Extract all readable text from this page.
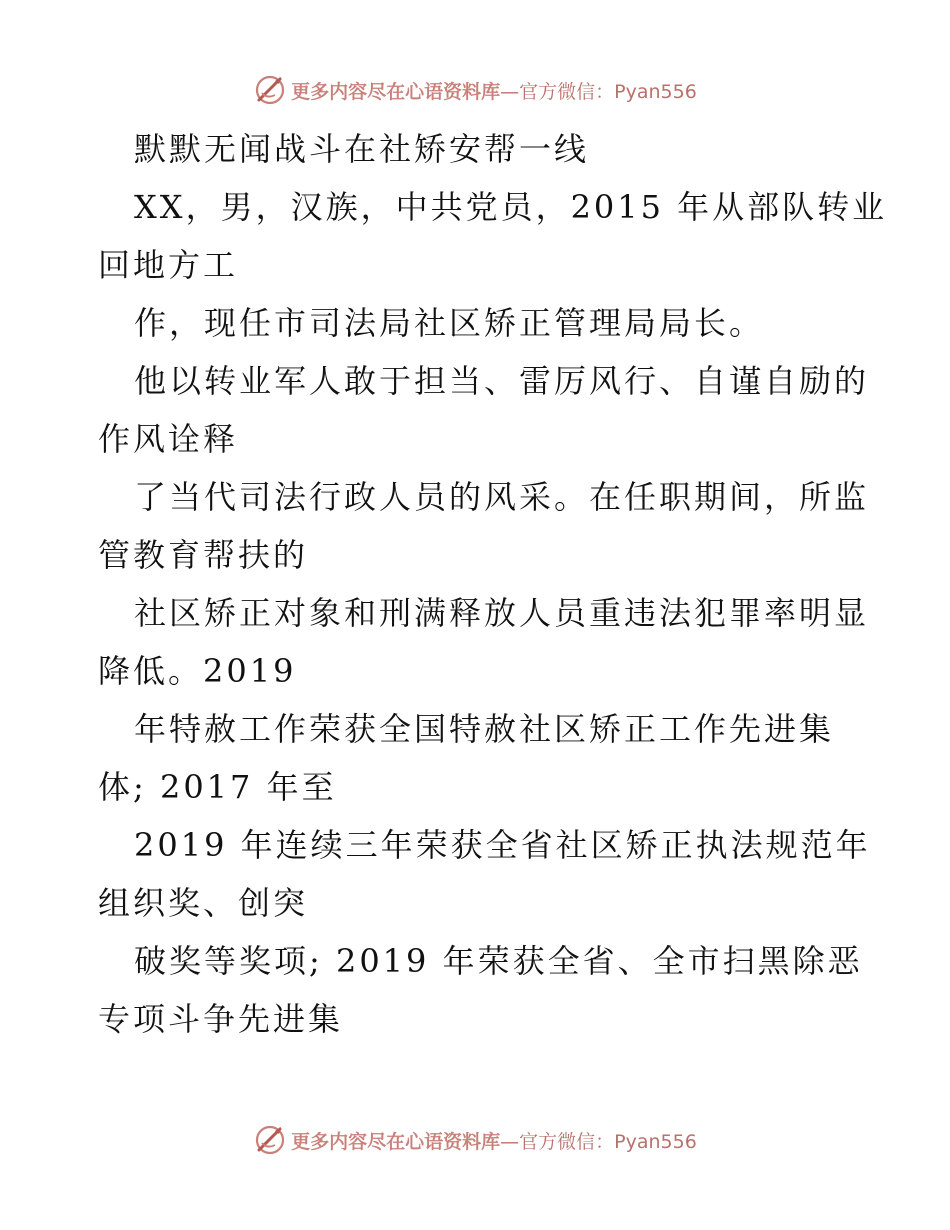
更多内容尽在心语资料库 —官方微信：Pyan556
默默无闻战斗在社矫安帮一线
XX，男，汉族，中共党员，2015 年从部队转业
回地方工
作，现任市司法局社区矫正管理局局长。
他以转业军人敢于担当、雷厉风行、自谨自励的
作风诠释
了当代司法行政人员的风采。在任职期间，所监
管教育帮扶的
社区矫正对象和刑满释放人员重违法犯罪率明显
降低。2019
年特赦工作荣获全国特赦社区矫正工作先进集
体; 2017 年至
2019 年连续三年荣获全省社区矫正执法规范年
组织奖、创突
破奖等奖项; 2019 年荣获全省、全市扫黑除恶
专项斗争先进集
更多内容尽在心语资料库 —官方微信：Pyan556
